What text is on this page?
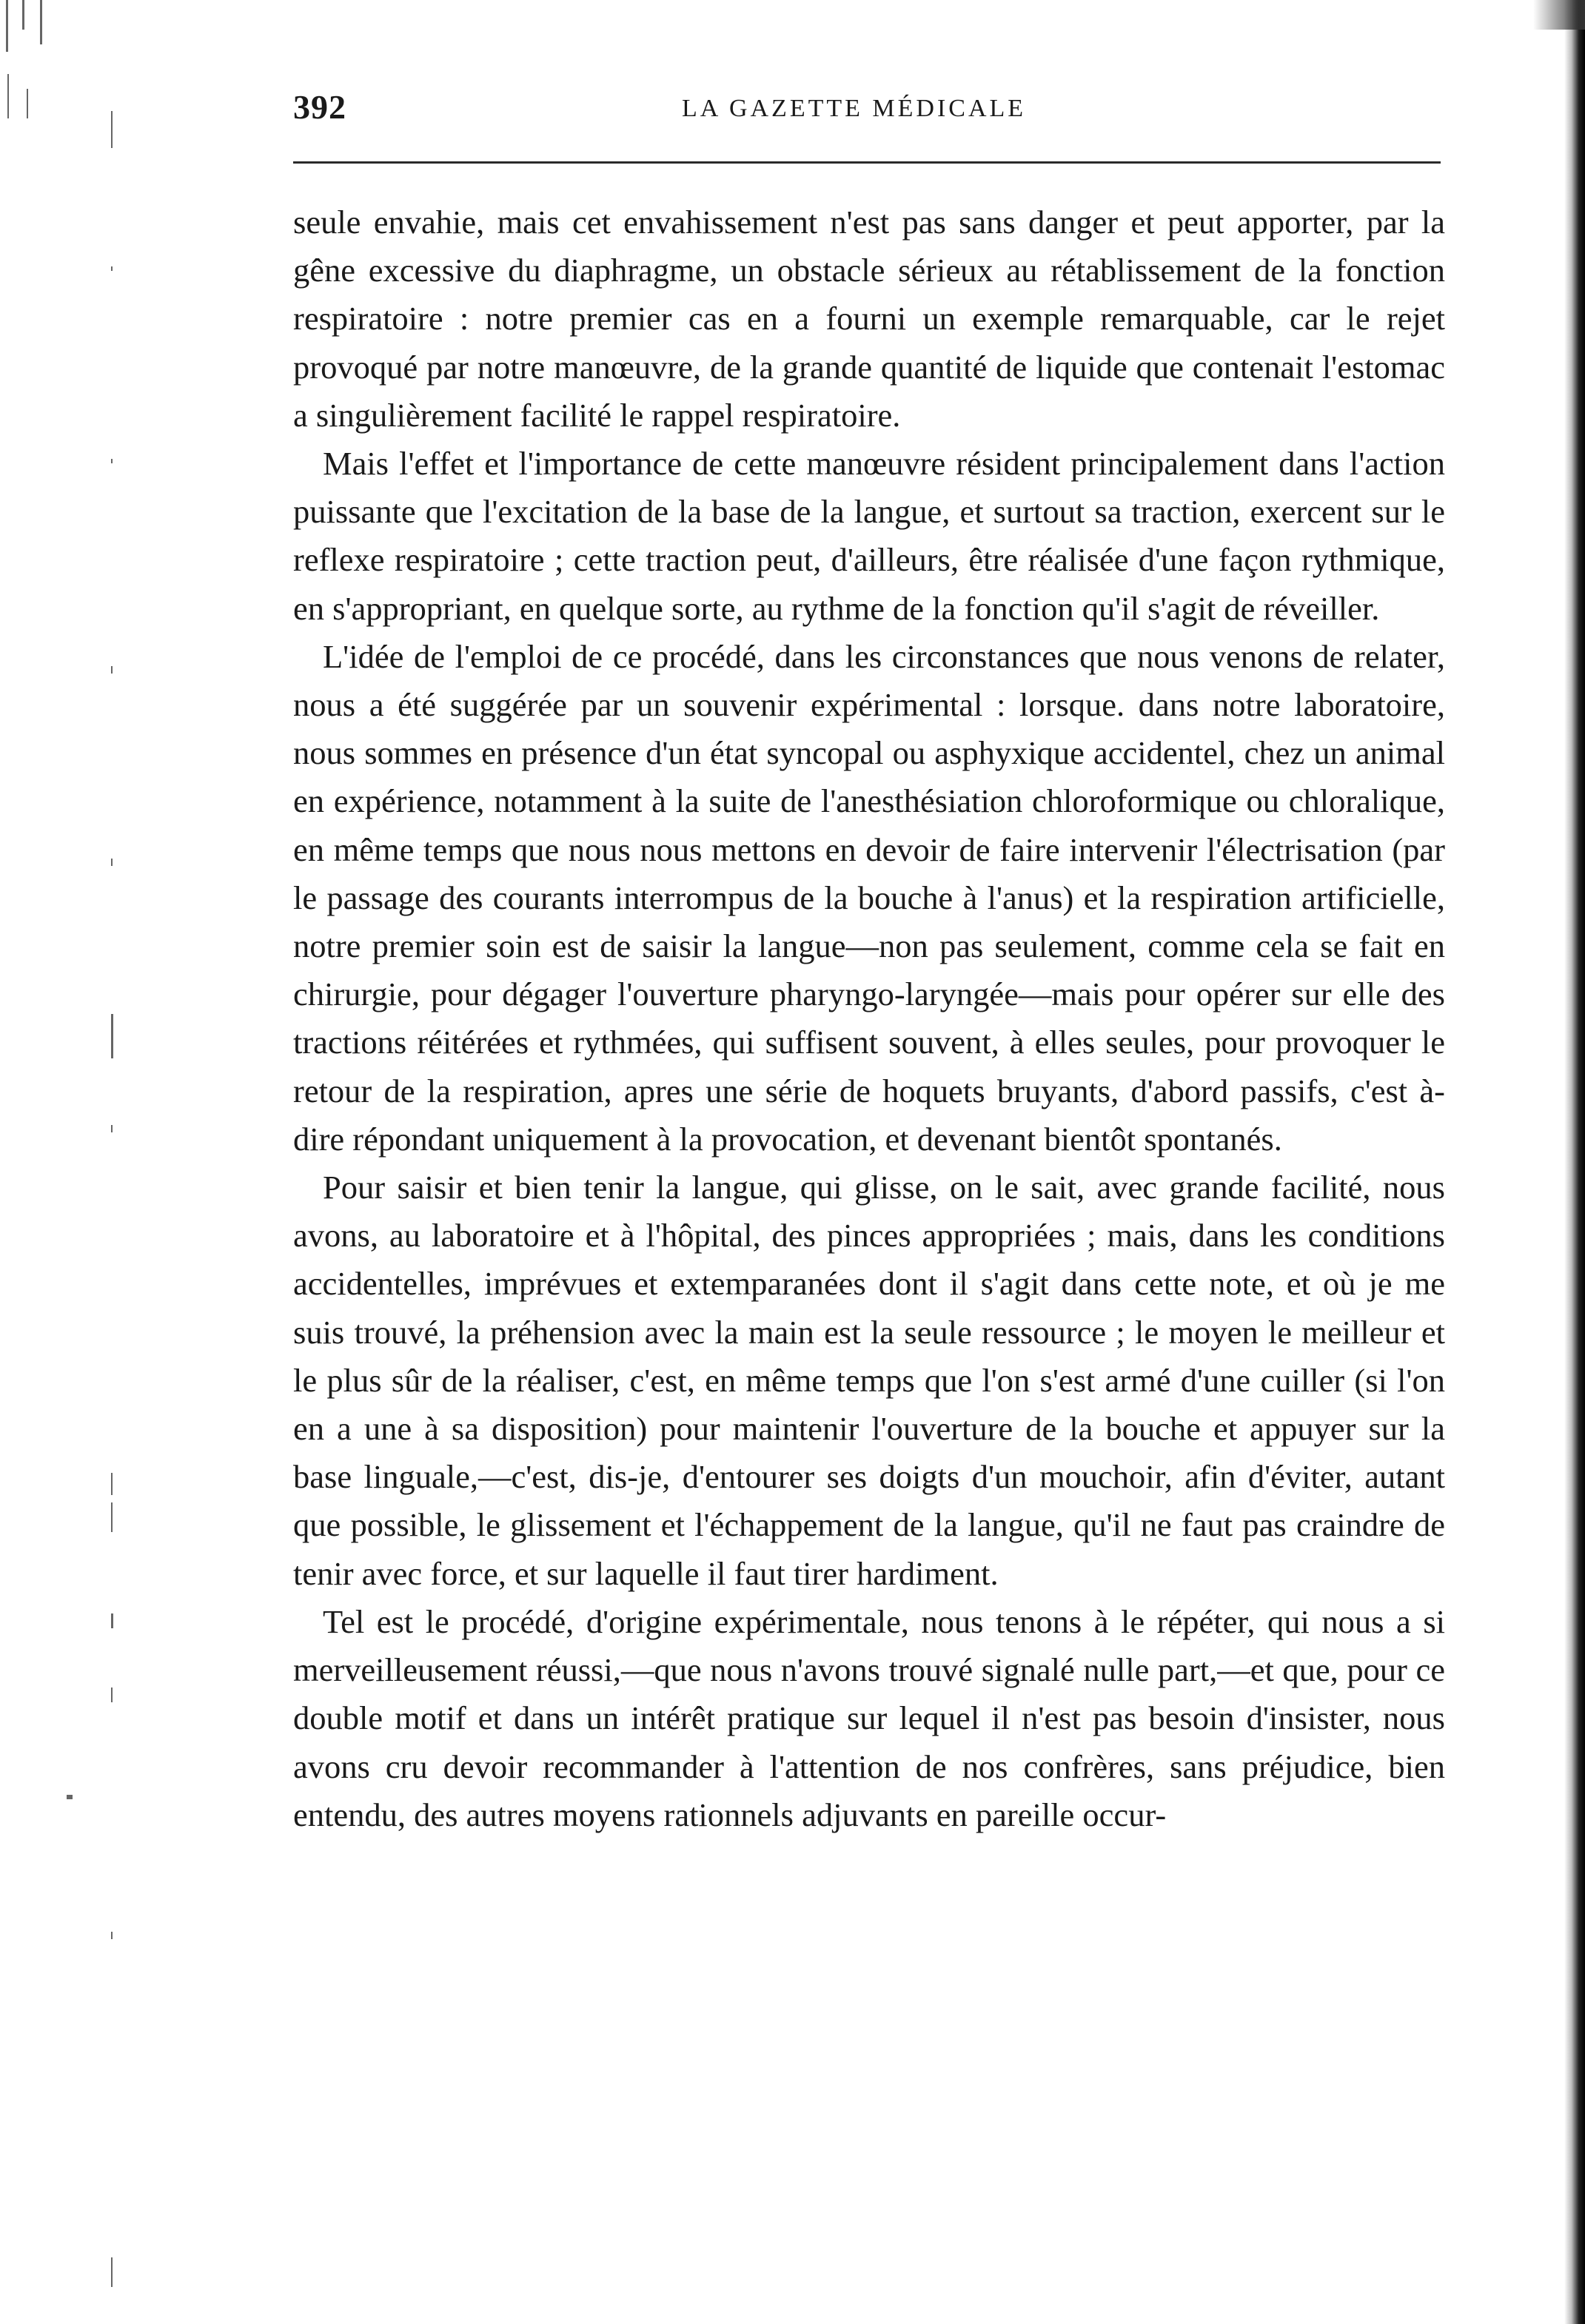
392	LA GAZETTE MÉDICALE

seule envahie, mais cet envahissement n'est pas sans danger et peut apporter, par la gêne excessive du diaphragme, un obstacle sérieux au rétablissement de la fonction respiratoire : notre premier cas en a fourni un exemple remarquable, car le rejet provoqué par notre manœuvre, de la grande quantité de liquide que contenait l'estomac a singulièrement facilité le rappel respiratoire.

Mais l'effet et l'importance de cette manœuvre résident principalement dans l'action puissante que l'excitation de la base de la langue, et surtout sa traction, exercent sur le reflexe respiratoire ; cette traction peut, d'ailleurs, être réalisée d'une façon rythmique, en s'appropriant, en quelque sorte, au rythme de la fonction qu'il s'agit de réveiller.

L'idée de l'emploi de ce procédé, dans les circonstances que nous venons de relater, nous a été suggérée par un souvenir expérimental : lorsque. dans notre laboratoire, nous sommes en présence d'un état syncopal ou asphyxique accidentel, chez un animal en expérience, notamment à la suite de l'anesthésiation chloroformique ou chloralique, en même temps que nous nous mettons en devoir de faire intervenir l'électrisation (par le passage des courants interrompus de la bouche à l'anus) et la respiration artificielle, notre premier soin est de saisir la langue—non pas seulement, comme cela se fait en chirurgie, pour dégager l'ouverture pharyngo-laryngée—mais pour opérer sur elle des tractions réitérées et rythmées, qui suffisent souvent, à elles seules, pour provoquer le retour de la respiration, apres une série de hoquets bruyants, d'abord passifs, c'est à-dire répondant uniquement à la provocation, et devenant bientôt spontanés.

Pour saisir et bien tenir la langue, qui glisse, on le sait, avec grande facilité, nous avons, au laboratoire et à l'hôpital, des pinces appropriées ; mais, dans les conditions accidentelles, imprévues et extemparanées dont il s'agit dans cette note, et où je me suis trouvé, la préhension avec la main est la seule ressource ; le moyen le meilleur et le plus sûr de la réaliser, c'est, en même temps que l'on s'est armé d'une cuiller (si l'on en a une à sa disposition) pour maintenir l'ouverture de la bouche et appuyer sur la base linguale,—c'est, dis-je, d'entourer ses doigts d'un mouchoir, afin d'éviter, autant que possible, le glissement et l'échappement de la langue, qu'il ne faut pas craindre de tenir avec force, et sur laquelle il faut tirer hardiment.

Tel est le procédé, d'origine expérimentale, nous tenons à le répéter, qui nous a si merveilleusement réussi,—que nous n'avons trouvé signalé nulle part,—et que, pour ce double motif et dans un intérêt pratique sur lequel il n'est pas besoin d'insister, nous avons cru devoir recommander à l'attention de nos confrères, sans préjudice, bien entendu, des autres moyens rationnels adjuvants en pareille occur-
